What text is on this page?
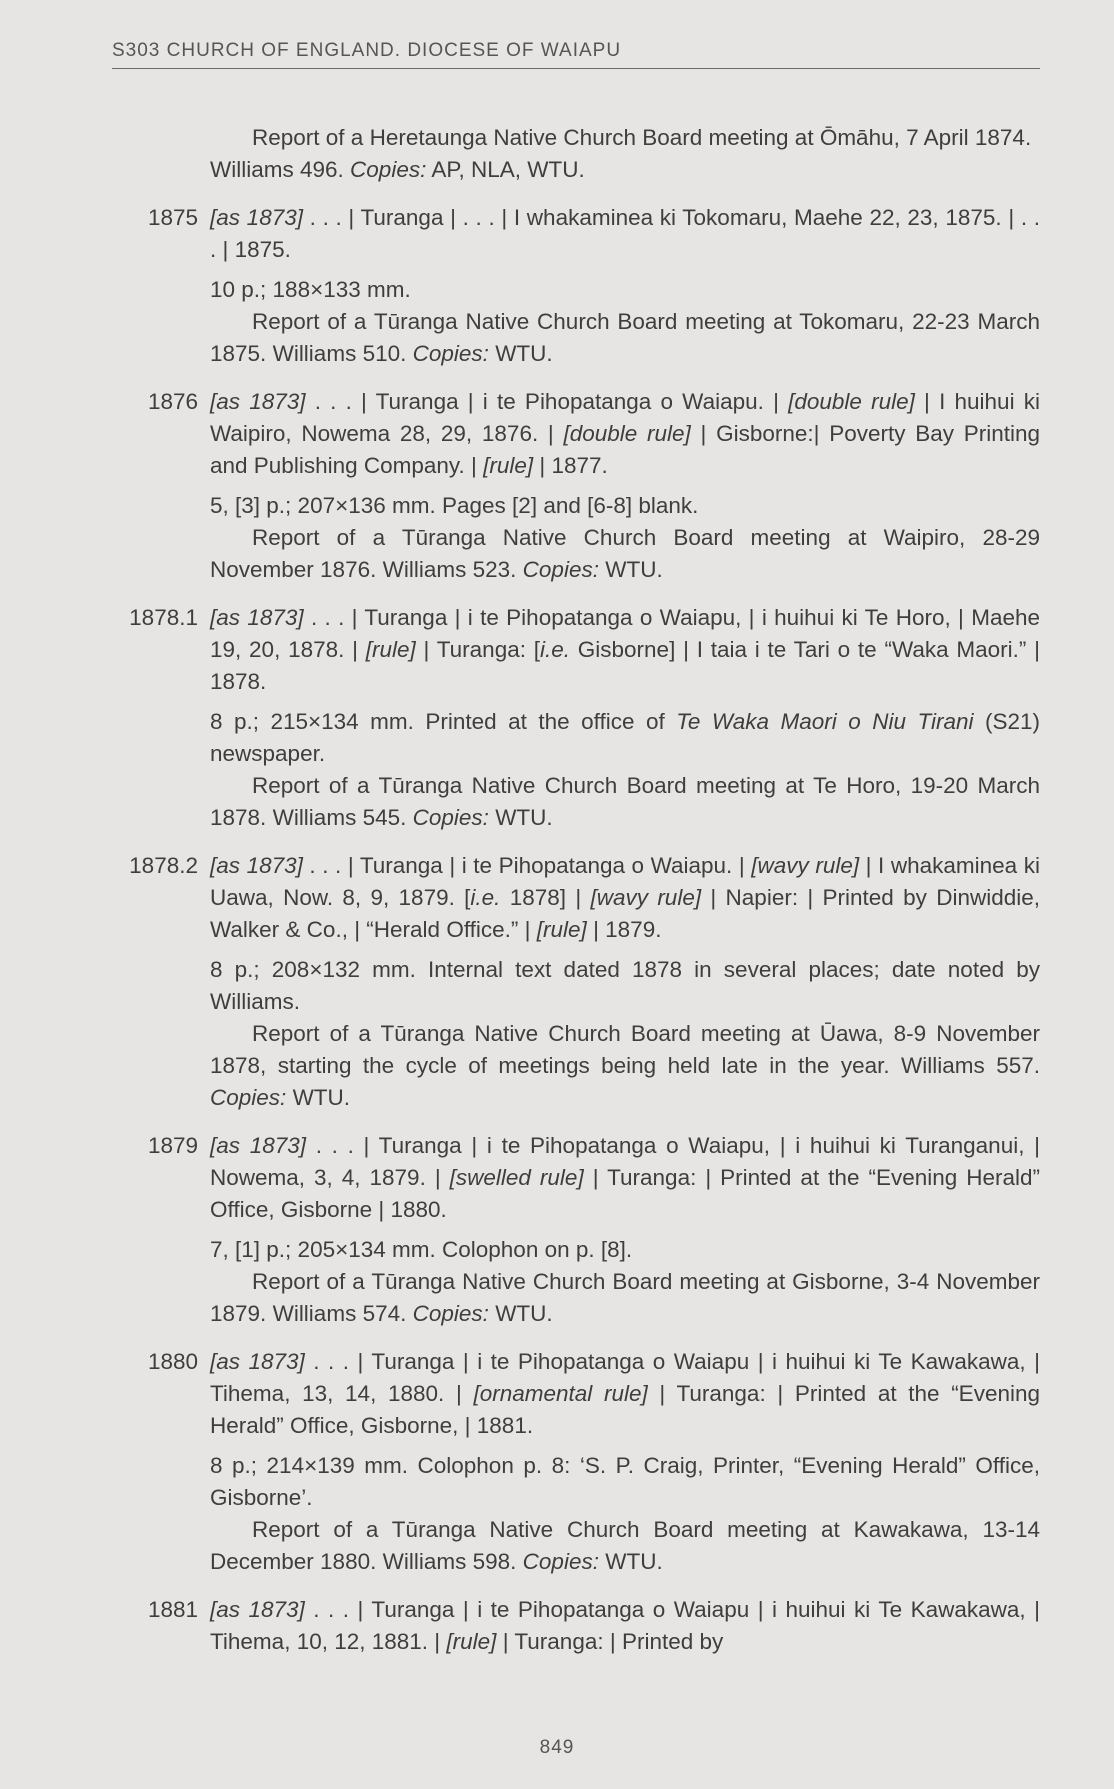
S303 CHURCH OF ENGLAND. DIOCESE OF WAIAPU

Report of a Heretaunga Native Church Board meeting at Ōmāhu, 7 April 1874. Williams 496. Copies: AP, NLA, WTU.

1875 [as 1873] . . . | Turanga | . . . | I whakaminea ki Tokomaru, Maehe 22, 23, 1875. | . . . | 1875.

10 p.; 188×133 mm.

Report of a Tūranga Native Church Board meeting at Tokomaru, 22-23 March 1875. Williams 510. Copies: WTU.

1876 [as 1873] . . . | Turanga | i te Pihopatanga o Waiapu. | [double rule] | I huihui ki Waipiro, Nowema 28, 29, 1876. | [double rule] | Gisborne:| Poverty Bay Printing and Publishing Company. | [rule] | 1877.

5, [3] p.; 207×136 mm. Pages [2] and [6-8] blank.

Report of a Tūranga Native Church Board meeting at Waipiro, 28-29 November 1876. Williams 523. Copies: WTU.

1878.1 [as 1873] . . . | Turanga | i te Pihopatanga o Waiapu, | i huihui ki Te Horo, | Maehe 19, 20, 1878. | [rule] | Turanga: [i.e. Gisborne] | I taia i te Tari o te “Waka Maori.” | 1878.

8 p.; 215×134 mm. Printed at the office of Te Waka Maori o Niu Tirani (S21) newspaper.

Report of a Tūranga Native Church Board meeting at Te Horo, 19-20 March 1878. Williams 545. Copies: WTU.

1878.2 [as 1873] . . . | Turanga | i te Pihopatanga o Waiapu. | [wavy rule] | I whakaminea ki Uawa, Now. 8, 9, 1879. [i.e. 1878] | [wavy rule] | Napier: | Printed by Dinwiddie, Walker & Co., | “Herald Office.” | [rule] | 1879.

8 p.; 208×132 mm. Internal text dated 1878 in several places; date noted by Williams.

Report of a Tūranga Native Church Board meeting at Ūawa, 8-9 November 1878, starting the cycle of meetings being held late in the year. Williams 557. Copies: WTU.

1879 [as 1873] . . . | Turanga | i te Pihopatanga o Waiapu, | i huihui ki Turanganui, | Nowema, 3, 4, 1879. | [swelled rule] | Turanga: | Printed at the “Evening Herald” Office, Gisborne | 1880.

7, [1] p.; 205×134 mm. Colophon on p. [8].

Report of a Tūranga Native Church Board meeting at Gisborne, 3-4 November 1879. Williams 574. Copies: WTU.

1880 [as 1873] . . . | Turanga | i te Pihopatanga o Waiapu | i huihui ki Te Kawakawa, | Tihema, 13, 14, 1880. | [ornamental rule] | Turanga: | Printed at the “Evening Herald” Office, Gisborne, | 1881.

8 p.; 214×139 mm. Colophon p. 8: ‘S. P. Craig, Printer, “Evening Herald” Office, Gisborne’.

Report of a Tūranga Native Church Board meeting at Kawakawa, 13-14 December 1880. Williams 598. Copies: WTU.

1881 [as 1873] . . . | Turanga | i te Pihopatanga o Waiapu | i huihui ki Te Kawakawa, | Tihema, 10, 12, 1881. | [rule] | Turanga: | Printed by

849
